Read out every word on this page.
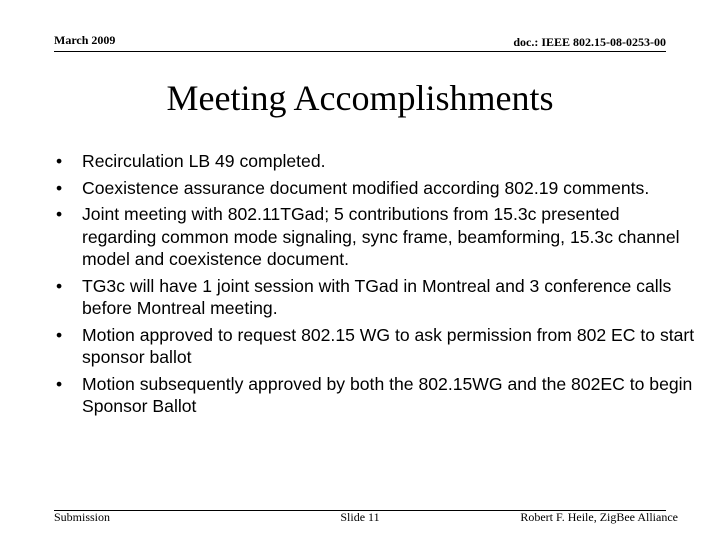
March 2009	doc.: IEEE 802.15-08-0253-00
Meeting Accomplishments
•	Recirculation LB 49 completed.
•	Coexistence assurance document modified according 802.19 comments.
•	Joint meeting with 802.11TGad; 5 contributions from 15.3c presented regarding common mode signaling, sync frame, beamforming, 15.3c channel model and coexistence document.
•	TG3c will have 1 joint session with TGad in Montreal and 3 conference calls before Montreal meeting.
•	Motion approved to request 802.15 WG to ask permission from 802 EC to start sponsor ballot
•	Motion subsequently approved by both the 802.15WG and the 802EC to begin Sponsor Ballot
Submission	Slide 11	Robert F. Heile, ZigBee Alliance
